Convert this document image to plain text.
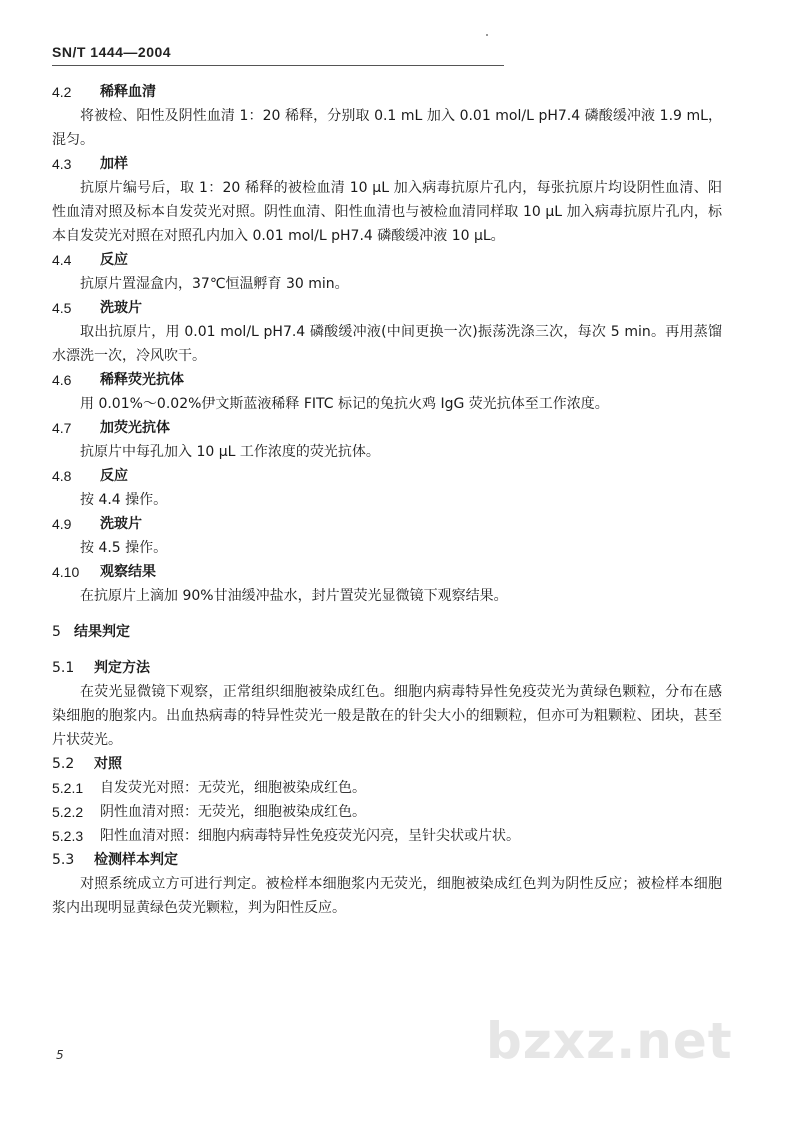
SN/T 1444—2004
4.2	稀释血清

将被检、阳性及阴性血清 1：20 稀释，分别取 0.1 mL 加入 0.01 mol/L pH7.4 磷酸缓冲液 1.9 mL，混匀。

4.3	加样

抗原片编号后，取 1：20 稀释的被检血清 10 μL 加入病毒抗原片孔内，每张抗原片均设阴性血清、阳性血清对照及标本自发荧光对照。阴性血清、阳性血清也与被检血清同样取 10 μL 加入病毒抗原片孔内，标本自发荧光对照在对照孔内加入 0.01 mol/L pH7.4 磷酸缓冲液 10 μL。

4.4	反应

抗原片置湿盒内，37℃恒温孵育 30 min。

4.5	洗玻片

取出抗原片，用 0.01 mol/L pH7.4 磷酸缓冲液(中间更换一次)振荡洗涤三次，每次 5 min。再用蒸馏水漂洗一次，冷风吹干。

4.6	稀释荧光抗体

用 0.01%～0.02%伊文斯蓝液稀释 FITC 标记的兔抗火鸡 IgG 荧光抗体至工作浓度。

4.7	加荧光抗体

抗原片中每孔加入 10 μL 工作浓度的荧光抗体。

4.8	反应

按 4.4 操作。

4.9	洗玻片

按 4.5 操作。

4.10	观察结果

在抗原片上滴加 90%甘油缓冲盐水，封片置荧光显微镜下观察结果。

5 结果判定
5.1	判定方法

在荧光显微镜下观察，正常组织细胞被染成红色。细胞内病毒特异性免疫荧光为黄绿色颗粒，分布在感染细胞的胞浆内。出血热病毒的特异性荧光一般是散在的针尖大小的细颗粒，但亦可为粗颗粒、团块，甚至片状荧光。

5.2	对照
5.2.1	自发荧光对照：无荧光，细胞被染成红色。
5.2.2	阴性血清对照：无荧光，细胞被染成红色。
5.2.3	阳性血清对照：细胞内病毒特异性免疫荧光闪亮，呈针尖状或片状。
5.3	检测样本判定

对照系统成立方可进行判定。被检样本细胞浆内无荧光，细胞被染成红色判为阴性反应；被检样本细胞浆内出现明显黄绿色荧光颗粒，判为阳性反应。

5	bzxz.net
